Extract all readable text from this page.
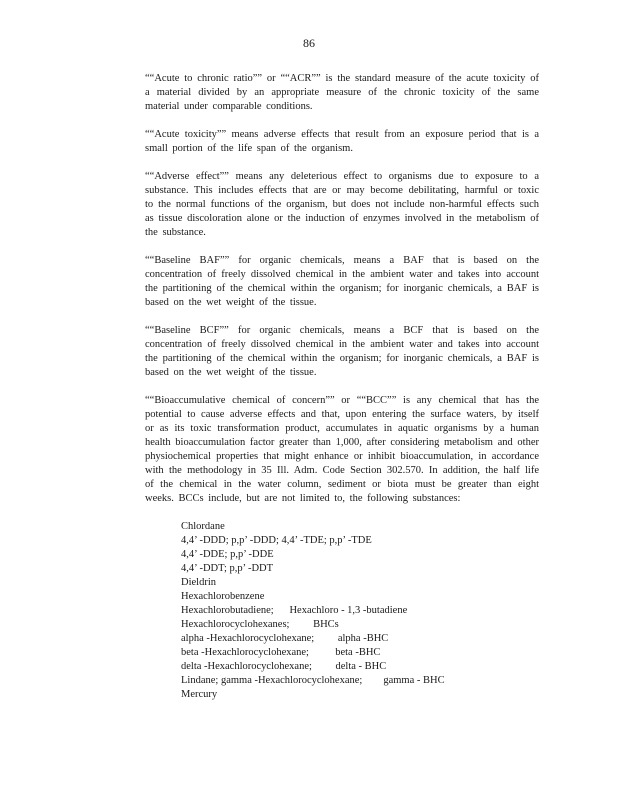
86

““Acute to chronic ratio”” or ““ACR”” is the standard measure of the acute toxicity of a material divided by an appropriate measure of the chronic toxicity of the same material under comparable conditions.

““Acute toxicity”” means adverse effects that result from an exposure period that is a small portion of the life span of the organism.

““Adverse effect”” means any deleterious effect to organisms due to exposure to a substance. This includes effects that are or may become debilitating, harmful or toxic to the normal functions of the organism, but does not include non-harmful effects such as tissue discoloration alone or the induction of enzymes involved in the metabolism of the substance.

““Baseline BAF”” for organic chemicals, means a BAF that is based on the concentration of freely dissolved chemical in the ambient water and takes into account the partitioning of the chemical within the organism; for inorganic chemicals, a BAF is based on the wet weight of the tissue.

““Baseline BCF”” for organic chemicals, means a BCF that is based on the concentration of freely dissolved chemical in the ambient water and takes into account the partitioning of the chemical within the organism; for inorganic chemicals, a BAF is based on the wet weight of the tissue.

““Bioaccumulative chemical of concern”” or ““BCC”” is any chemical that has the potential to cause adverse effects and that, upon entering the surface waters, by itself or as its toxic transformation product, accumulates in aquatic organisms by a human health bioaccumulation factor greater than 1,000, after considering metabolism and other physiochemical properties that might enhance or inhibit bioaccumulation, in accordance with the methodology in 35 Ill. Adm. Code Section 302.570. In addition, the half life of the chemical in the water column, sediment or biota must be greater than eight weeks. BCCs include, but are not limited to, the following substances:

Chlordane
4,4’ -DDD; p,p’ -DDD; 4,4’ -TDE; p,p’ -TDE
4,4’ -DDE; p,p’ -DDE
4,4’ -DDT; p,p’ -DDT
Dieldrin
Hexachlorobenzene
Hexachlorobutadiene;      Hexachloro - 1,3 -butadiene
Hexachlorocyclohexanes;         BHCs
alpha -Hexachlorocyclohexane;         alpha -BHC
beta -Hexachlorocyclohexane;          beta -BHC
delta -Hexachlorocyclohexane;         delta - BHC
Lindane; gamma -Hexachlorocyclohexane;        gamma - BHC
Mercury
